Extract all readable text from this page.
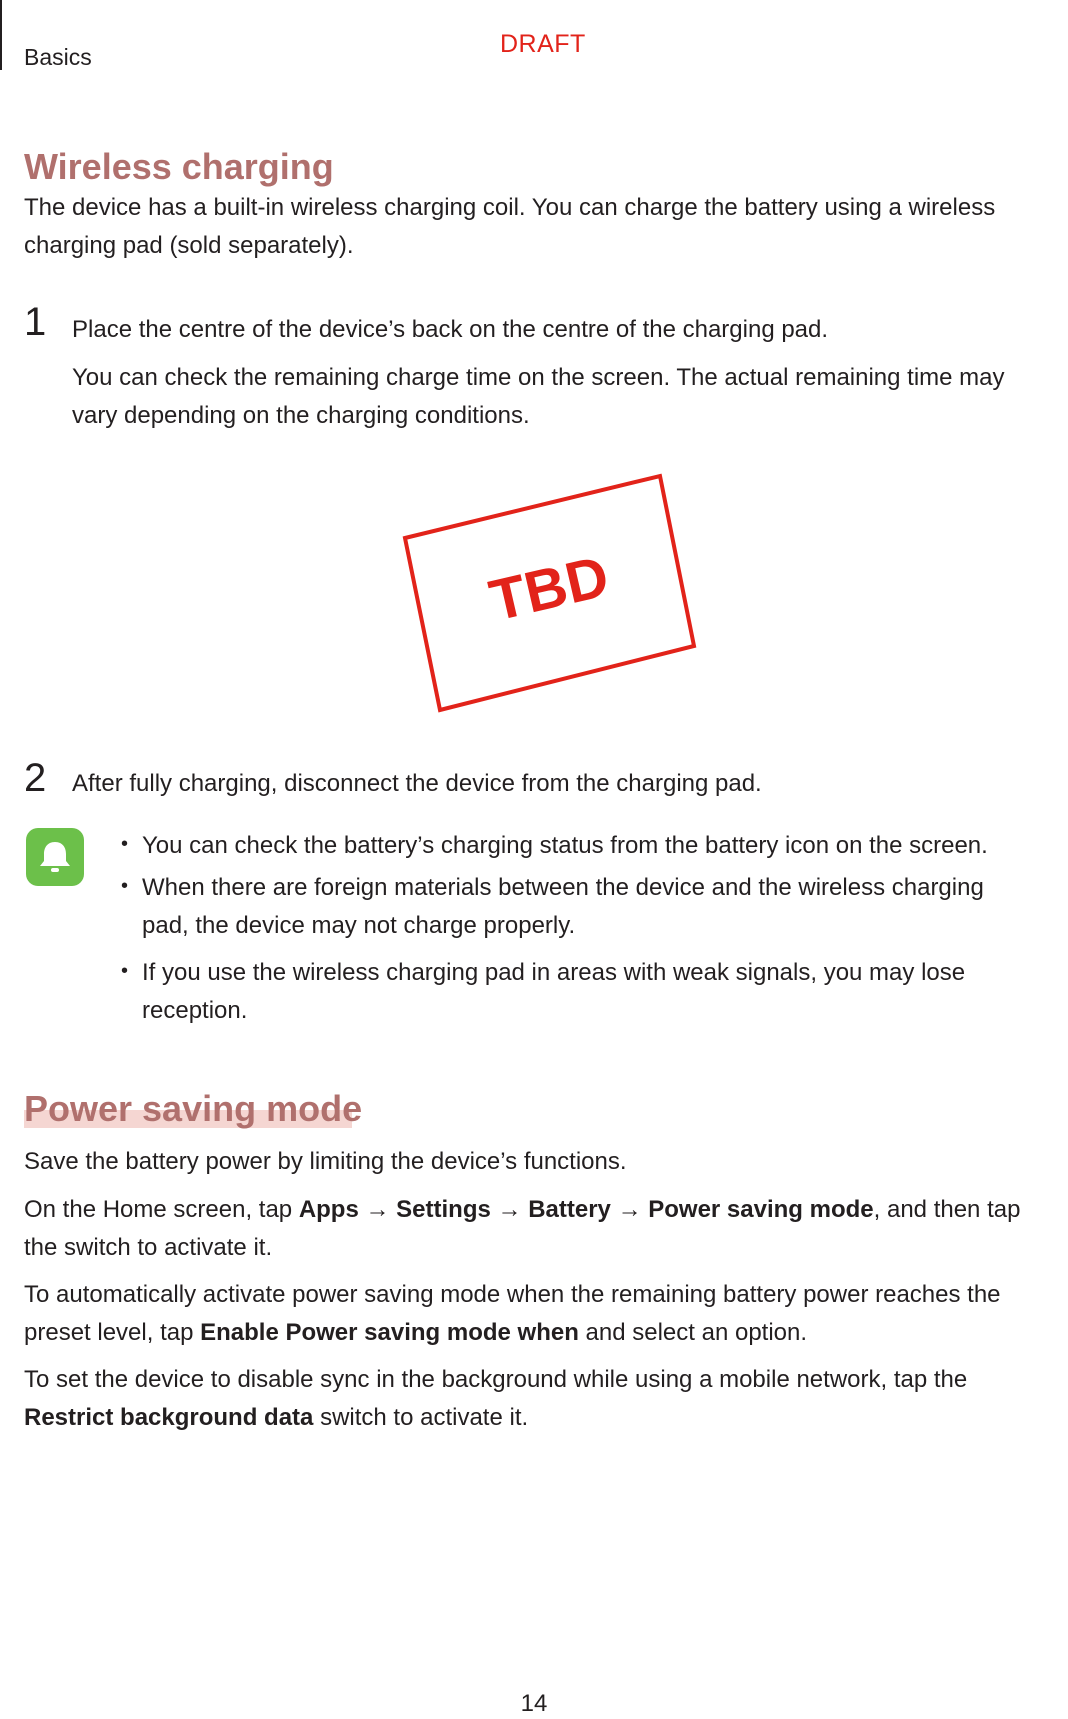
Basics	DRAFT
Wireless charging
The device has a built-in wireless charging coil. You can charge the battery using a wireless
charging pad (sold separately).
1 Place the centre of the device’s back on the centre of the charging pad.
You can check the remaining charge time on the screen. The actual remaining time may
vary depending on the charging conditions.
TBD
2 After fully charging, disconnect the device from the charging pad.
• You can check the battery’s charging status from the battery icon on the screen.
• When there are foreign materials between the device and the wireless charging
pad, the device may not charge properly.
• If you use the wireless charging pad in areas with weak signals, you may lose
reception.
Power saving mode
Save the battery power by limiting the device’s functions.
On the Home screen, tap Apps → Settings → Battery → Power saving mode, and then tap
the switch to activate it.
To automatically activate power saving mode when the remaining battery power reaches the
preset level, tap Enable Power saving mode when and select an option.
To set the device to disable sync in the background while using a mobile network, tap the
Restrict background data switch to activate it.
14
